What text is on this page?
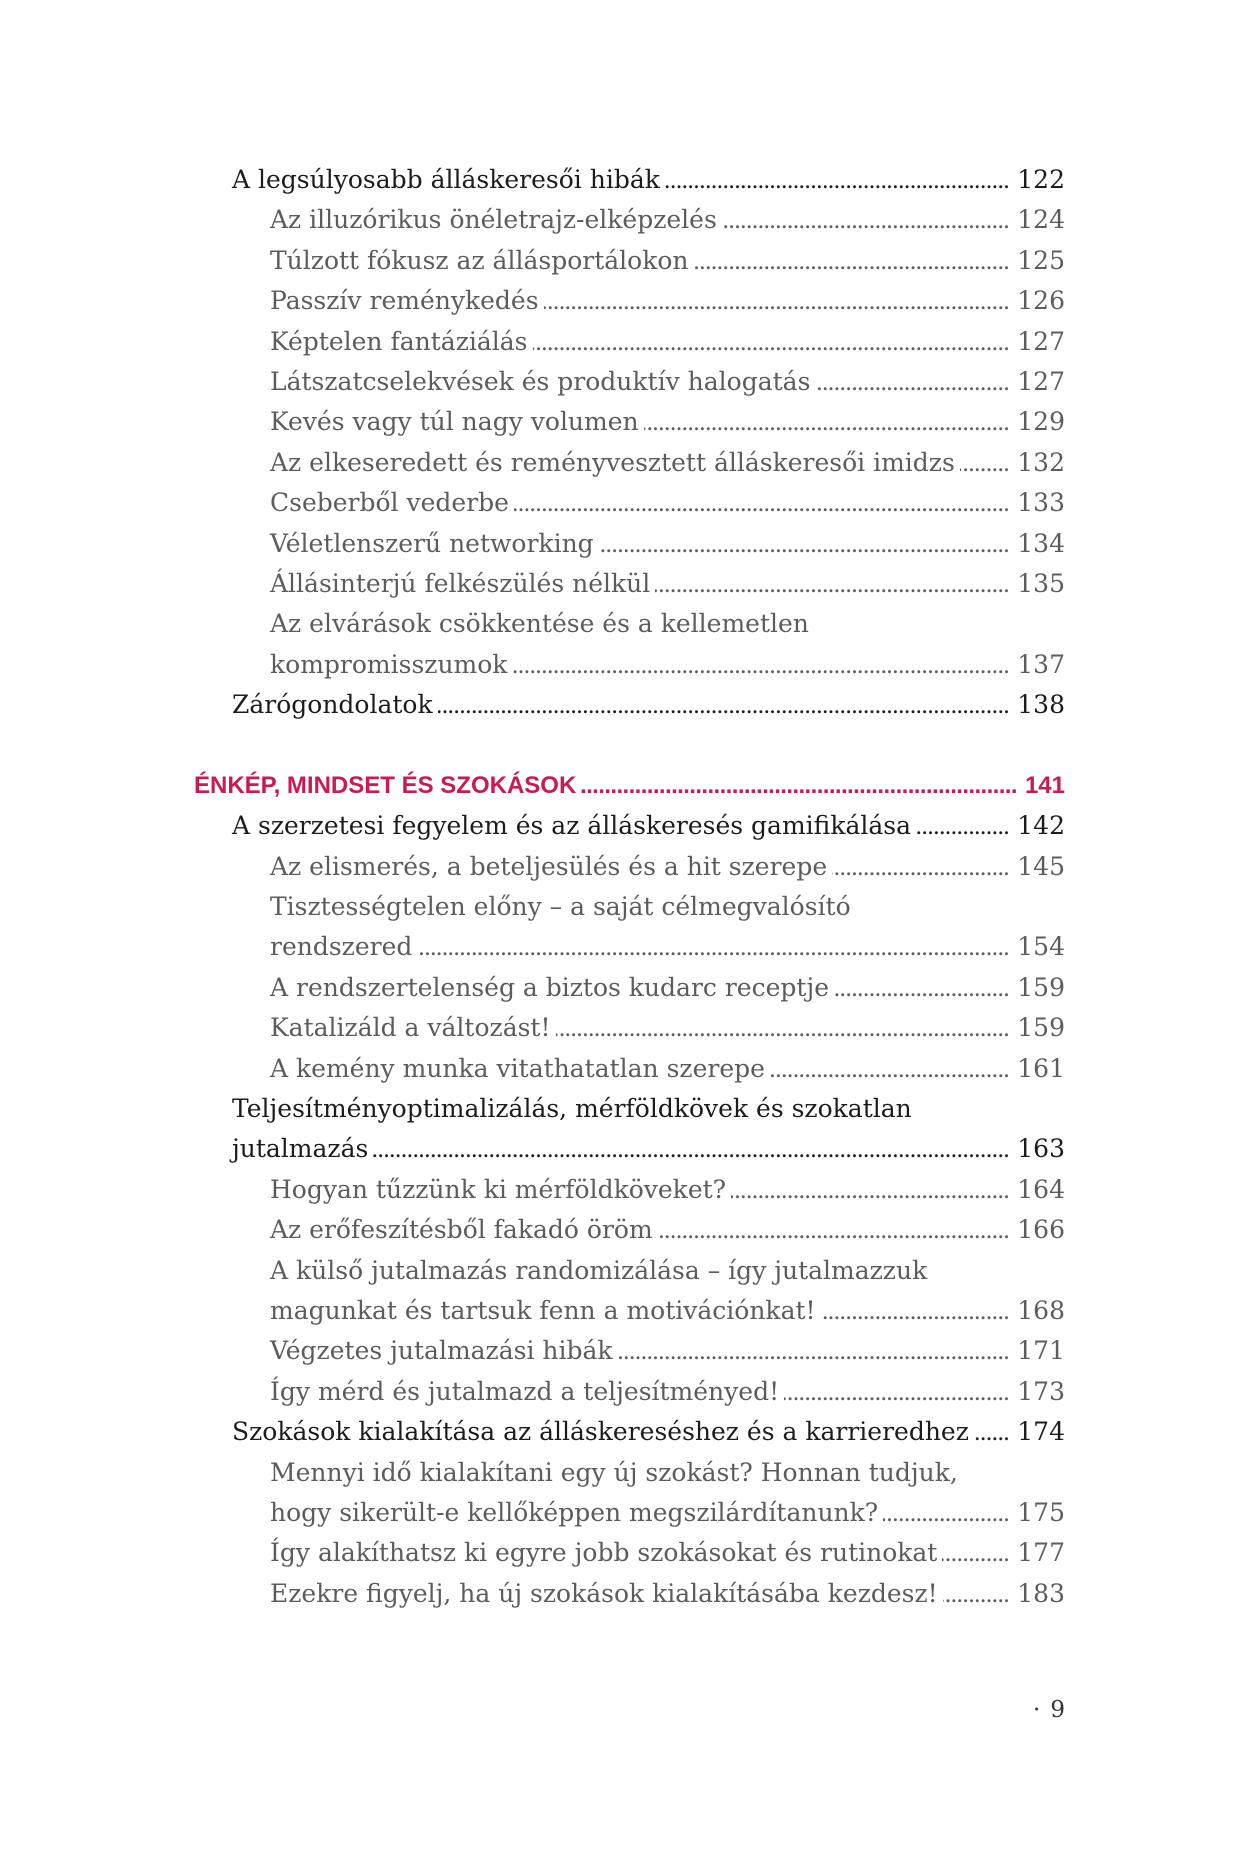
A legsúlyosabb álláskeresői hibák .....	122
Az illuzórikus önéletrajz-elképzelés .....	124
Túlzott fókusz az állásportálokon .....	125
Passzív reménykedés .....	126
Képtelen fantáziálás .....	127
Látszatcselekvések és produktív halogatás .....	127
Kevés vagy túl nagy volumen .....	129
Az elkeseredett és reményvesztett álláskeresői imidzs ..... 132
Cseberből vederbe .....	133
Véletlenszerű networking .....	134
Állásinterjú felkészülés nélkül .....	135
Az elvárások csökkentése és a kellemetlen
kompromisszumok .....	137
Zárógondolatok .....	138
ÉNKÉP, MINDSET ÉS SZOKÁSOK .....	141
A szerzetesi fegyelem és az álláskeresés gamifikálása .....	142
Az elismerés, a beteljesülés és a hit szerepe .....	145
Tisztességtelen előny – a saját célmegvalósító
rendszered .....	154
A rendszertelenség a biztos kudarc receptje .....	159
Katalizáld a változást! .....	159
A kemény munka vitathatatlan szerepe .....	161
Teljesítményoptimalizálás, mérföldkövek és szokatlan
jutalmazás .....	163
Hogyan tűzzünk ki mérföldköveket? .....	164
Az erőfeszítésből fakadó öröm .....	166
A külső jutalmazás randomizálása – így jutalmazzuk
magunkat és tartsuk fenn a motivációnkat! .....	168
Végzetes jutalmazási hibák .....	171
Így mérd és jutalmazd a teljesítményed! .....	173
Szokások kialakítása az álláskereséshez és a karrieredhez ..... 174
Mennyi idő kialakítani egy új szokást? Honnan tudjuk,
hogy sikerült-e kellőképpen megszilárdítanunk? .....	175
Így alakíthatsz ki egyre jobb szokásokat és rutinokat .....	177
Ezekre figyelj, ha új szokások kialakításába kezdesz! .....	183
· 9
